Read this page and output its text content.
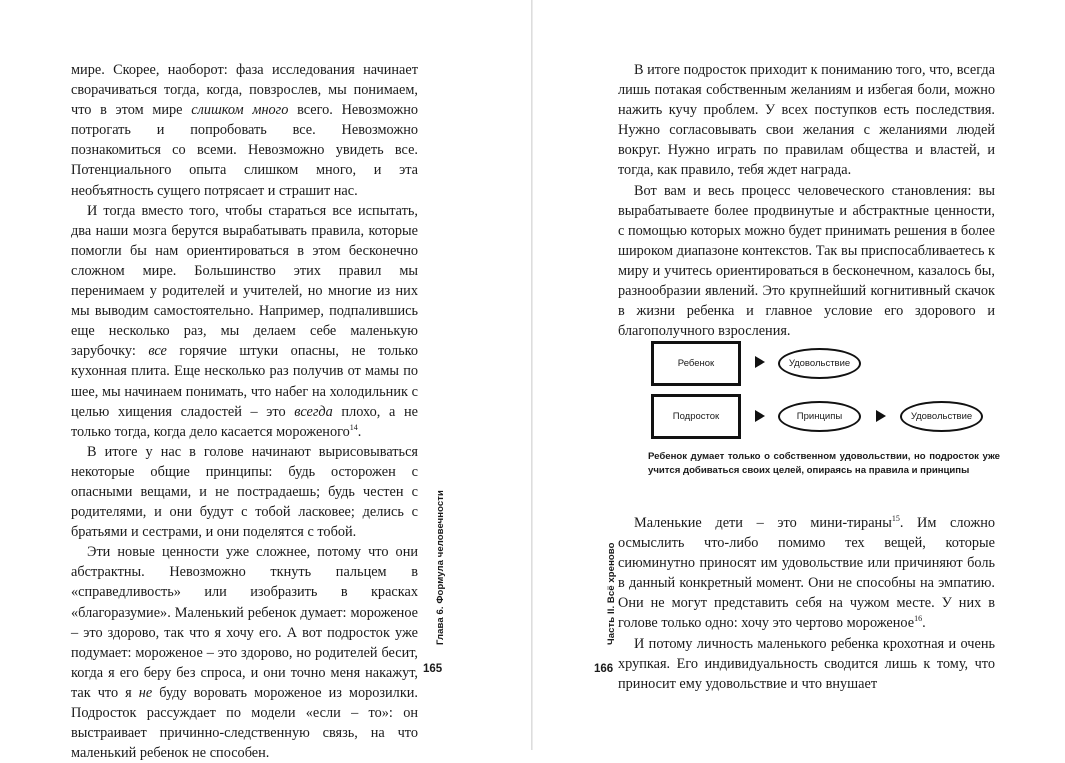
мире. Скорее, наоборот: фаза исследования начинает сворачиваться тогда, когда, повзрослев, мы понимаем, что в этом мире слишком много всего. Невозможно потрогать и попробовать все. Невозможно познакомиться со всеми. Невозможно увидеть все. Потенциального опыта слишком много, и эта необъятность сущего потрясает и страшит нас.

И тогда вместо того, чтобы стараться все испытать, два наши мозга берутся вырабатывать правила, которые помогли бы нам ориентироваться в этом бесконечно сложном мире. Большинство этих правил мы перенимаем у родителей и учителей, но многие из них мы выводим самостоятельно. Например, подпалившись еще несколько раз, мы делаем себе маленькую зарубочку: все горячие штуки опасны, не только кухонная плита. Еще несколько раз получив от мамы по шее, мы начинаем понимать, что набег на холодильник с целью хищения сладостей – это всегда плохо, а не только тогда, когда дело касается мороженого$^{14}$.

В итоге у нас в голове начинают вырисовываться некоторые общие принципы: будь осторожен с опасными вещами, и не пострадаешь; будь честен с родителями, и они будут с тобой ласковее; делись с братьями и сестрами, и они поделятся с тобой.

Эти новые ценности уже сложнее, потому что они абстрактны. Невозможно ткнуть пальцем в «справедливость» или изобразить в красках «благоразумие». Маленький ребенок думает: мороженое – это здорово, так что я хочу его. А вот подросток уже подумает: мороженое – это здорово, но родителей бесит, когда я его беру без спроса, и они точно меня накажут, так что я не буду воровать мороженое из морозилки. Подросток рассуждает по модели «если – то»: он выстраивает причинно-следственную связь, на что маленький ребенок не способен.

Глава 6. Формула человечности
165

В итоге подросток приходит к пониманию того, что, всегда лишь потакая собственным желаниям и избегая боли, можно нажить кучу проблем. У всех поступков есть последствия. Нужно согласовывать свои желания с желаниями людей вокруг. Нужно играть по правилам общества и властей, и тогда, как правило, тебя ждет награда.

Вот вам и весь процесс человеческого становления: вы вырабатываете более продвинутые и абстрактные ценности, с помощью которых можно будет принимать решения в более широком диапазоне контекстов. Так вы приспосабливаетесь к миру и учитесь ориентироваться в бесконечном, казалось бы, разнообразии явлений. Это крупнейший когнитивный скачок в жизни ребенка и главное условие его здорового и благополучного взросления.

Ребенок	Удовольствие
Подросток	Принципы	Удовольствие
Ребенок думает только о собственном удовольствии, но подросток уже учится добиваться своих целей, опираясь на правила и принципы

Маленькие дети – это мини-тираны$^{15}$. Им сложно осмыслить что-либо помимо тех вещей, которые сиюминутно приносят им удовольствие или причиняют боль в данный конкретный момент. Они не способны на эмпатию. Они не могут представить себя на чужом месте. У них в голове только одно: хочу это чертово мороженое$^{16}$.

И потому личность маленького ребенка крохотная и очень хрупкая. Его индивидуальность сводится лишь к тому, что приносит ему удовольствие и что внушает

Часть II. Всё хреново
166
